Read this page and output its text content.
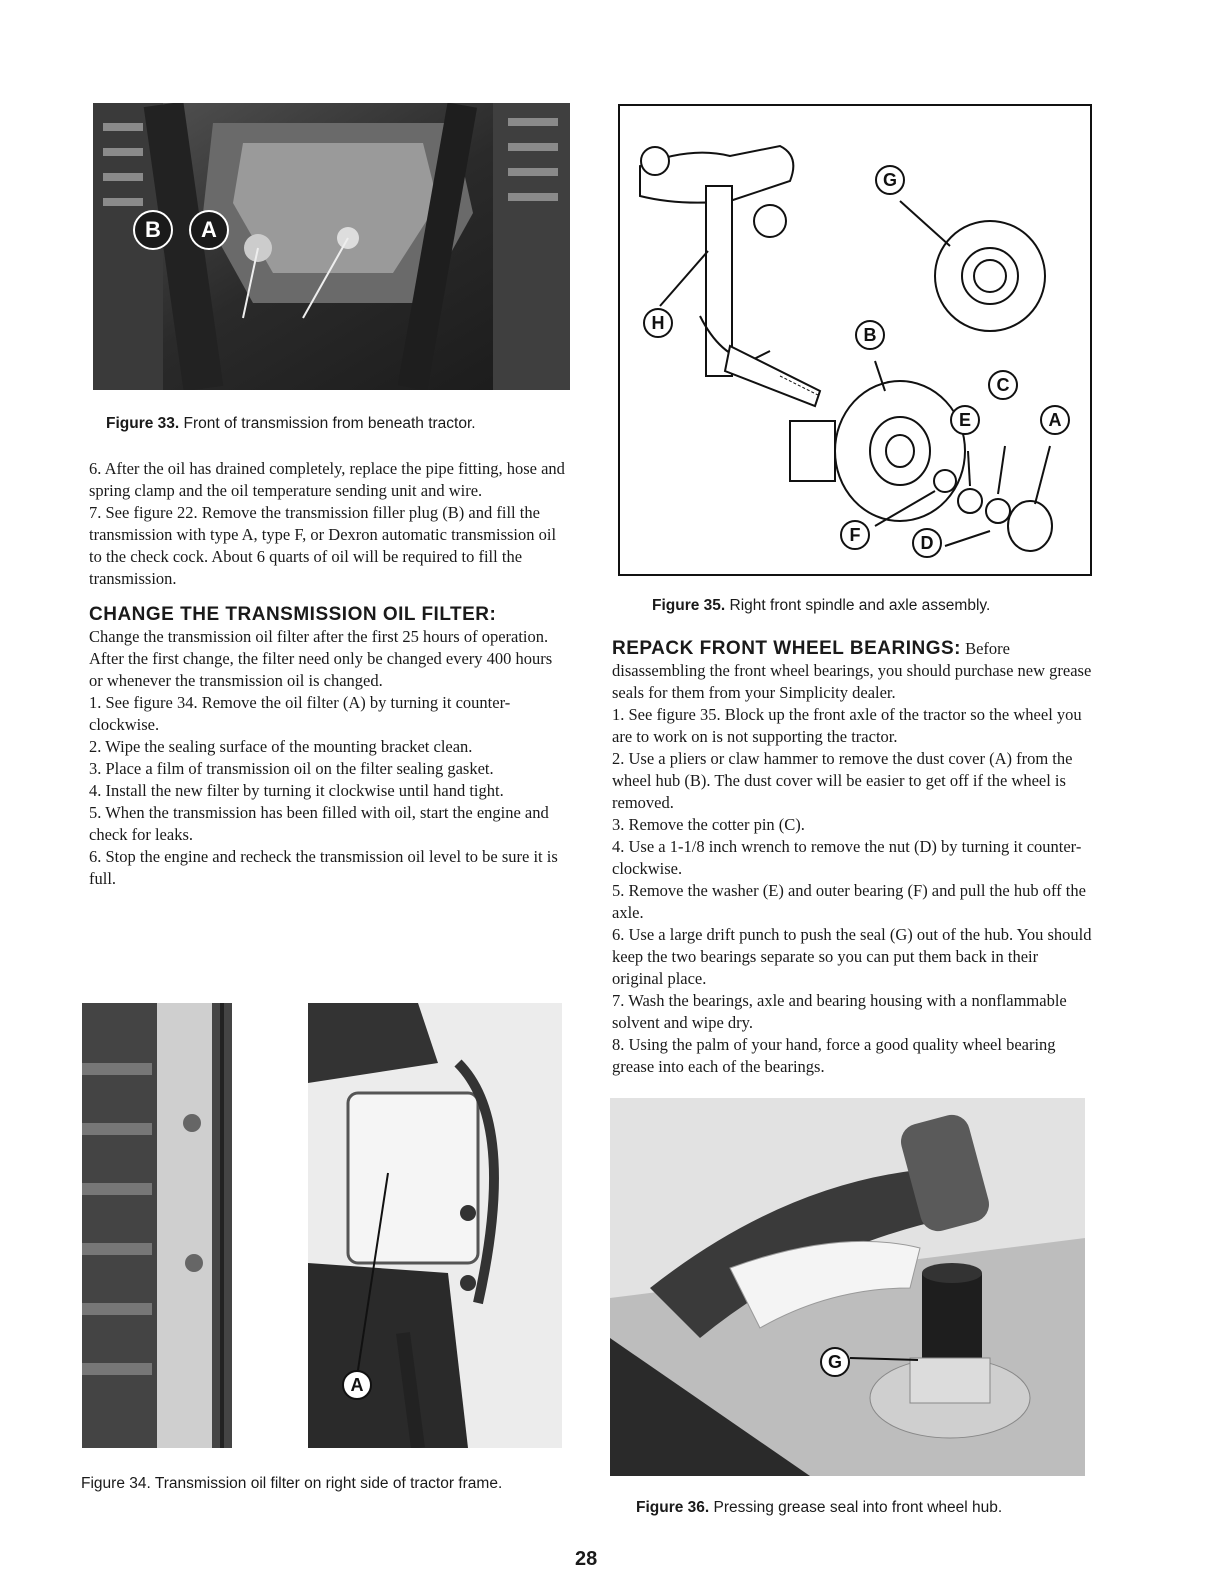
B	A
Figure 33. Front of transmission from beneath tractor.

6. After the oil has drained completely, replace the pipe fitting, hose and spring clamp and the oil temperature sending unit and wire.

7. See figure 22. Remove the transmission filler plug (B) and fill the transmission with type A, type F, or Dexron automatic transmission oil to the check cock. About 6 quarts of oil will be required to fill the transmission.

CHANGE THE TRANSMISSION OIL FILTER:

Change the transmission oil filter after the first 25 hours of operation. After the first change, the filter need only be changed every 400 hours or whenever the transmission oil is changed.

1. See figure 34. Remove the oil filter (A) by turning it counter-clockwise.

2. Wipe the sealing surface of the mounting bracket clean.

3. Place a film of transmission oil on the filter sealing gasket.

4. Install the new filter by turning it clockwise until hand tight.

5. When the transmission has been filled with oil, start the engine and check for leaks.

6. Stop the engine and recheck the transmission oil level to be sure it is full.

A
Figure 34. Transmission oil filter on right side of tractor frame.
G
H
B
C
E	A
F	D
Figure 35. Right front spindle and axle assembly.

REPACK FRONT WHEEL BEARINGS: Before disassembling the front wheel bearings, you should purchase new grease seals for them from your Simplicity dealer.

1. See figure 35. Block up the front axle of the tractor so the wheel you are to work on is not supporting the tractor.

2. Use a pliers or claw hammer to remove the dust cover (A) from the wheel hub (B). The dust cover will be easier to get off if the wheel is removed.

3. Remove the cotter pin (C).

4. Use a 1-1/8 inch wrench to remove the nut (D) by turning it counter-clockwise.

5. Remove the washer (E) and outer bearing (F) and pull the hub off the axle.

6. Use a large drift punch to push the seal (G) out of the hub. You should keep the two bearings separate so you can put them back in their original place.

7. Wash the bearings, axle and bearing housing with a nonflammable solvent and wipe dry.

8. Using the palm of your hand, force a good quality wheel bearing grease into each of the bearings.

G
Figure 36. Pressing grease seal into front wheel hub.
28
